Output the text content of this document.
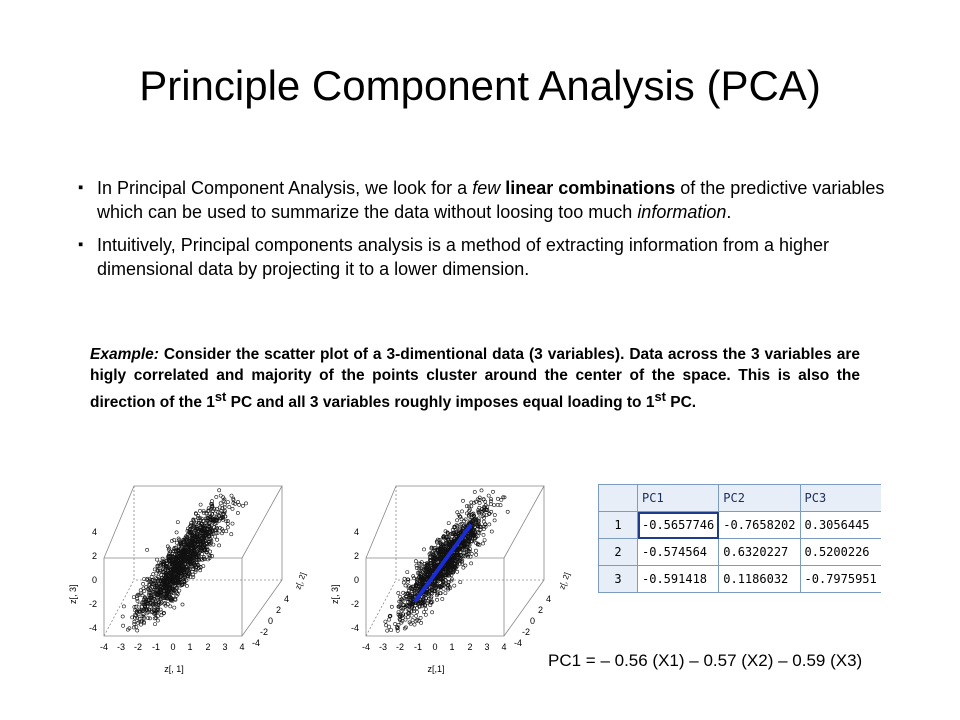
Principle Component Analysis (PCA)
▪ In Principal Component Analysis, we look for a few linear combinations of the predictive variables which can be used to summarize the data without loosing too much information.
▪ Intuitively, Principal components analysis is a method of extracting information from a higher dimensional data by projecting it to a lower dimension.
Example: Consider the scatter plot of a 3-dimentional data (3 variables). Data across the 3 variables are higly correlated and majority of the points cluster around the center of the space. This is also the direction of the 1st PC and all 3 variables roughly imposes equal loading to 1st PC.
z[, 3]
4
2
0
-2
-4
-4 -3 -2 -1 0 1 2 3 4
z[, 1]
4
2
0
-2
-4
z[, 2]
z[, 3]
4
2
0
-2
-4
-4 -3 -2 -1 0 1 2 3 4
z[,1]
4
2
0
-2
-4
z[, 2]
	PC1	PC2	PC3
1	-0.5657746	-0.7658202	0.3056445
2	-0.574564	0.6320227	0.5200226
3	-0.591418	0.1186032	-0.7975951
PC1 = – 0.56 (X1) – 0.57 (X2) – 0.59 (X3)
